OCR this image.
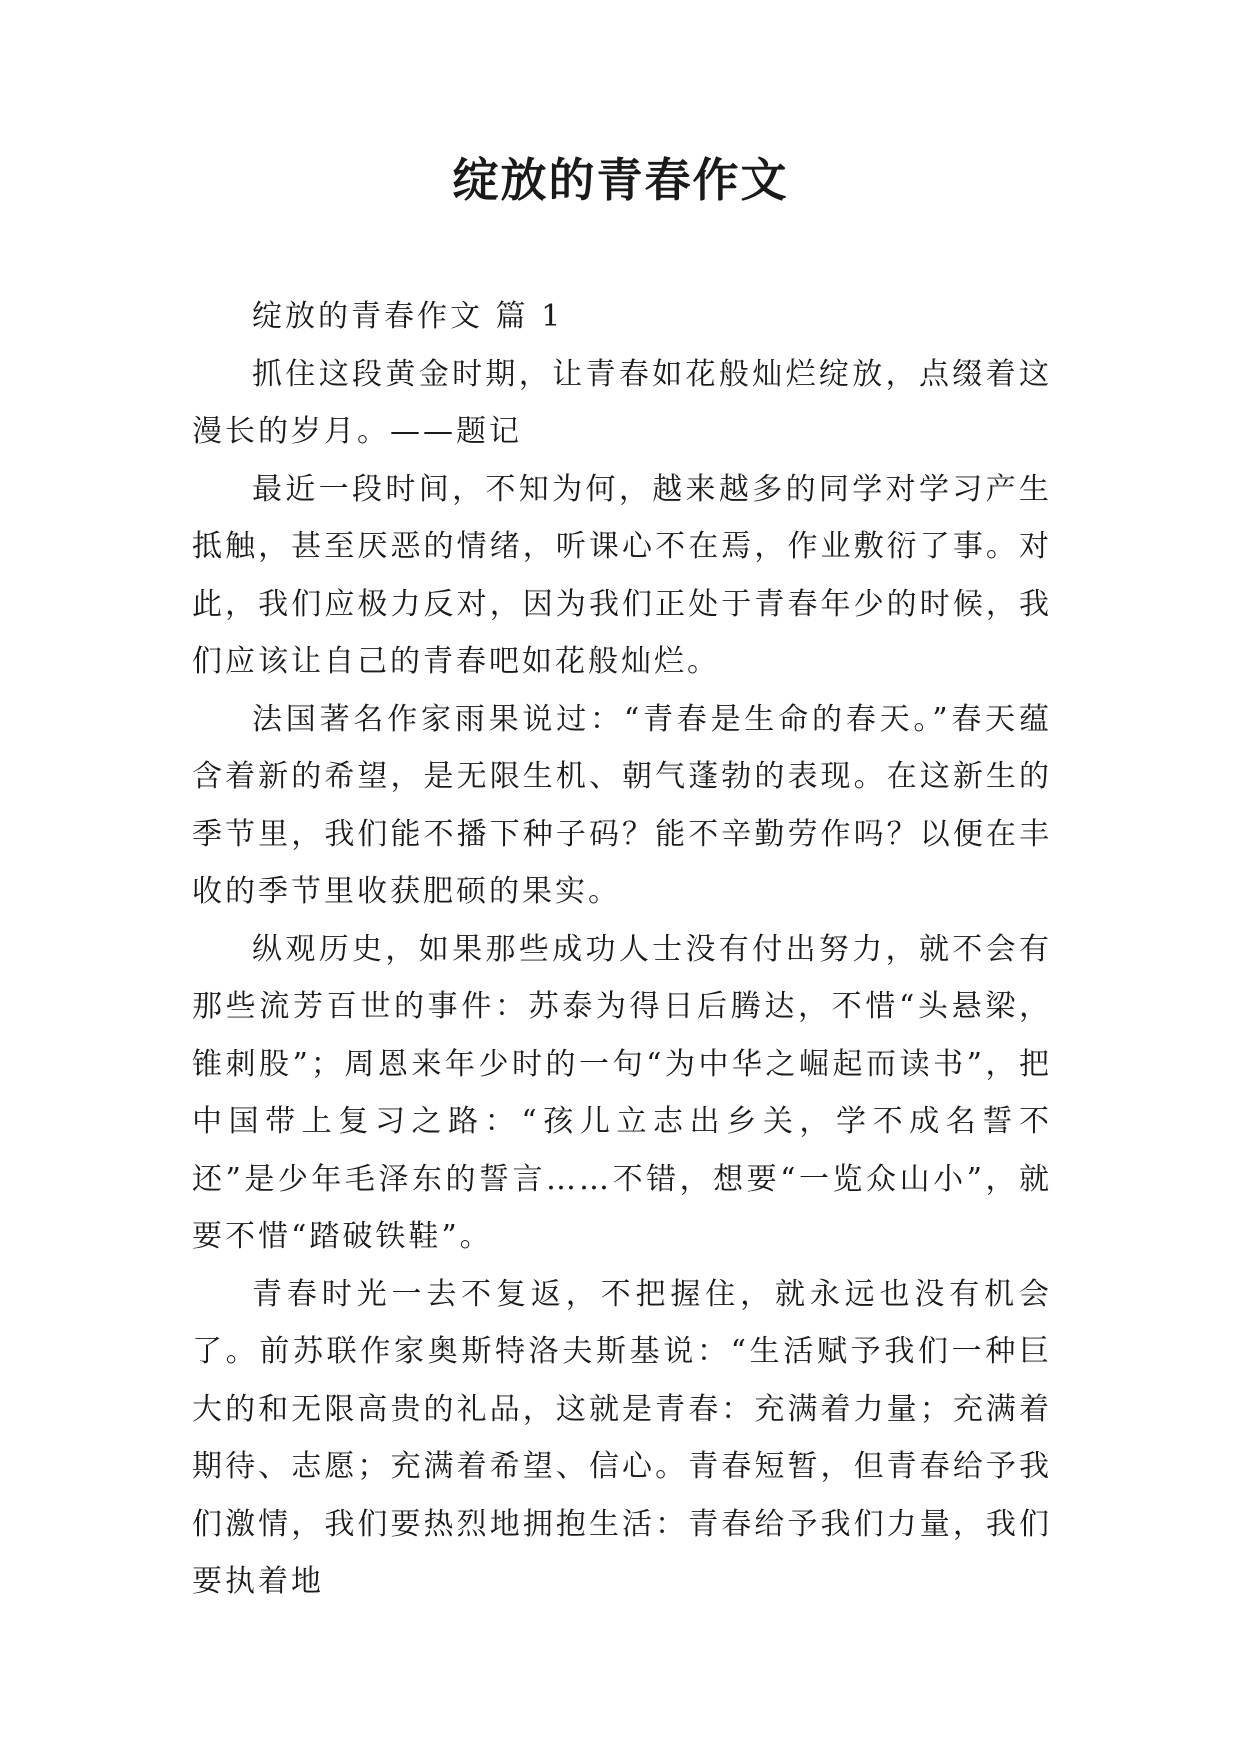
绽放的青春作文

绽放的青春作文 篇 1

抓住这段黄金时期，让青春如花般灿烂绽放，点缀着这漫长的岁月。——题记

最近一段时间，不知为何，越来越多的同学对学习产生抵触，甚至厌恶的情绪，听课心不在焉，作业敷衍了事。对此，我们应极力反对，因为我们正处于青春年少的时候，我们应该让自己的青春吧如花般灿烂。

法国著名作家雨果说过：“青春是生命的春天。”春天蕴含着新的希望，是无限生机、朝气蓬勃的表现。在这新生的季节里，我们能不播下种子码？能不辛勤劳作吗？以便在丰收的季节里收获肥硕的果实。

纵观历史，如果那些成功人士没有付出努力，就不会有那些流芳百世的事件：苏泰为得日后腾达，不惜“头悬梁，锥刺股”；周恩来年少时的一句“为中华之崛起而读书”，把中国带上复习之路：“孩儿立志出乡关，学不成名誓不还”是少年毛泽东的誓言……不错，想要“一览众山小”，就要不惜“踏破铁鞋”。

青春时光一去不复返，不把握住，就永远也没有机会了。前苏联作家奥斯特洛夫斯基说：“生活赋予我们一种巨大的和无限高贵的礼品，这就是青春：充满着力量；充满着期待、志愿；充满着希望、信心。青春短暂，但青春给予我们激情，我们要热烈地拥抱生活：青春给予我们力量，我们要执着地
